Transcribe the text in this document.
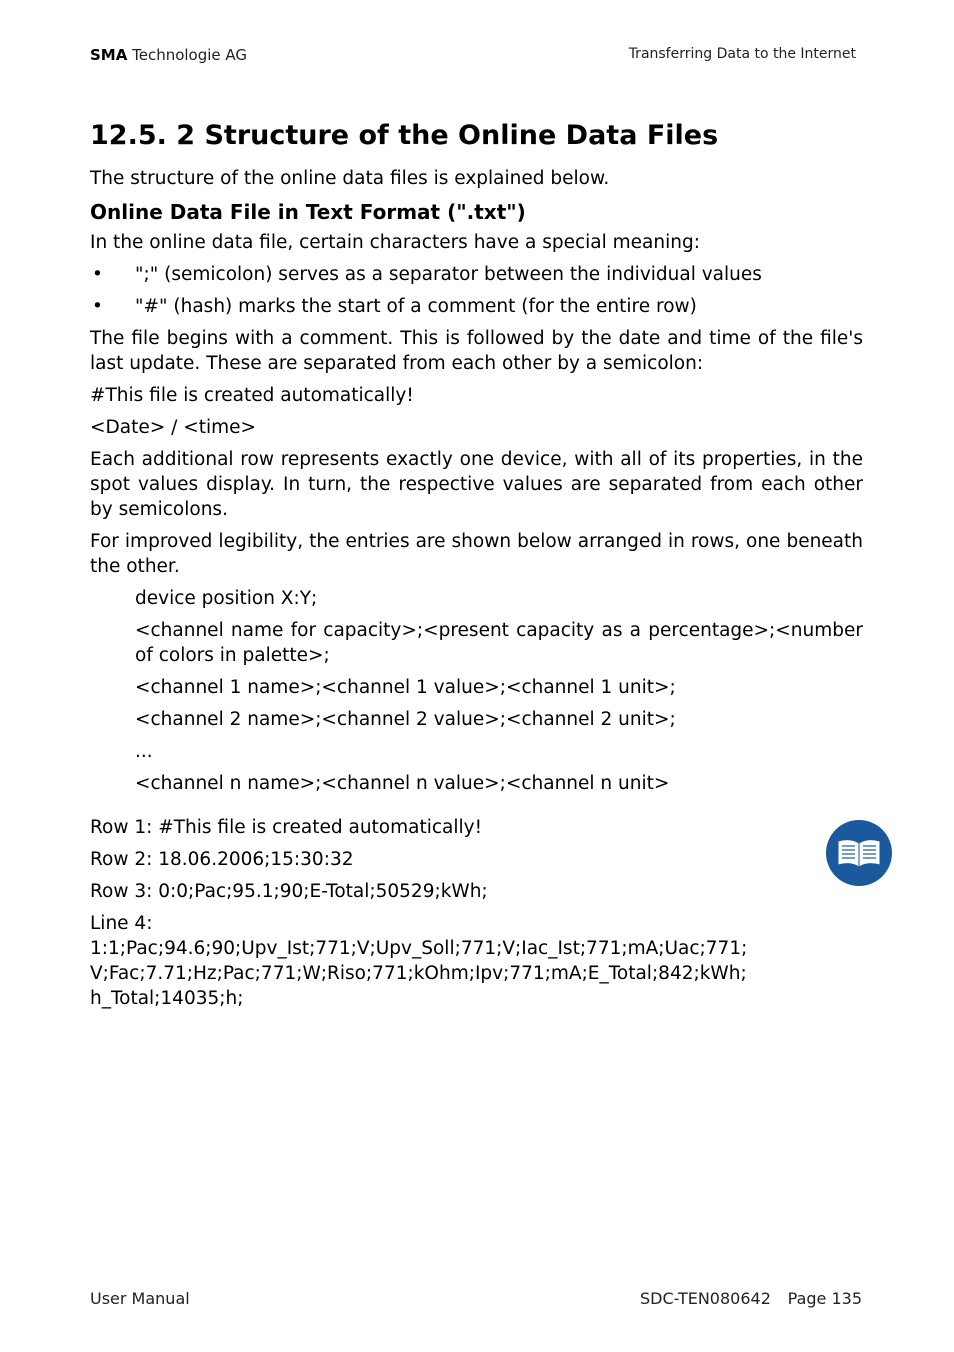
SMA Technologie AG	Transferring Data to the Internet
12.5. 2 Structure of the Online Data Files

The structure of the online data files is explained below.

Online Data File in Text Format (".txt")

In the online data file, certain characters have a special meaning:

• ";" (semicolon) serves as a separator between the individual values
• "#" (hash) marks the start of a comment (for the entire row)

The file begins with a comment. This is followed by the date and time of the file's last update. These are separated from each other by a semicolon:

#This file is created automatically!

<Date> / <time>

Each additional row represents exactly one device, with all of its properties, in the spot values display. In turn, the respective values are separated from each other by semicolons.

For improved legibility, the entries are shown below arranged in rows, one beneath the other.

device position X:Y;

<channel name for capacity>;<present capacity as a percentage>;<number of colors in palette>;

<channel 1 name>;<channel 1 value>;<channel 1 unit>;

<channel 2 name>;<channel 2 value>;<channel 2 unit>;

...

<channel n name>;<channel n value>;<channel n unit>

Row 1: #This file is created automatically!

Row 2: 18.06.2006;15:30:32

Row 3: 0:0;Pac;95.1;90;E-Total;50529;kWh;

Line 4:
1:1;Pac;94.6;90;Upv_Ist;771;V;Upv_Soll;771;V;Iac_Ist;771;mA;Uac;771;
V;Fac;7.71;Hz;Pac;771;W;Riso;771;kOhm;Ipv;771;mA;E_Total;842;kWh;
h_Total;14035;h;

User Manual	SDC-TEN080642 Page 135
